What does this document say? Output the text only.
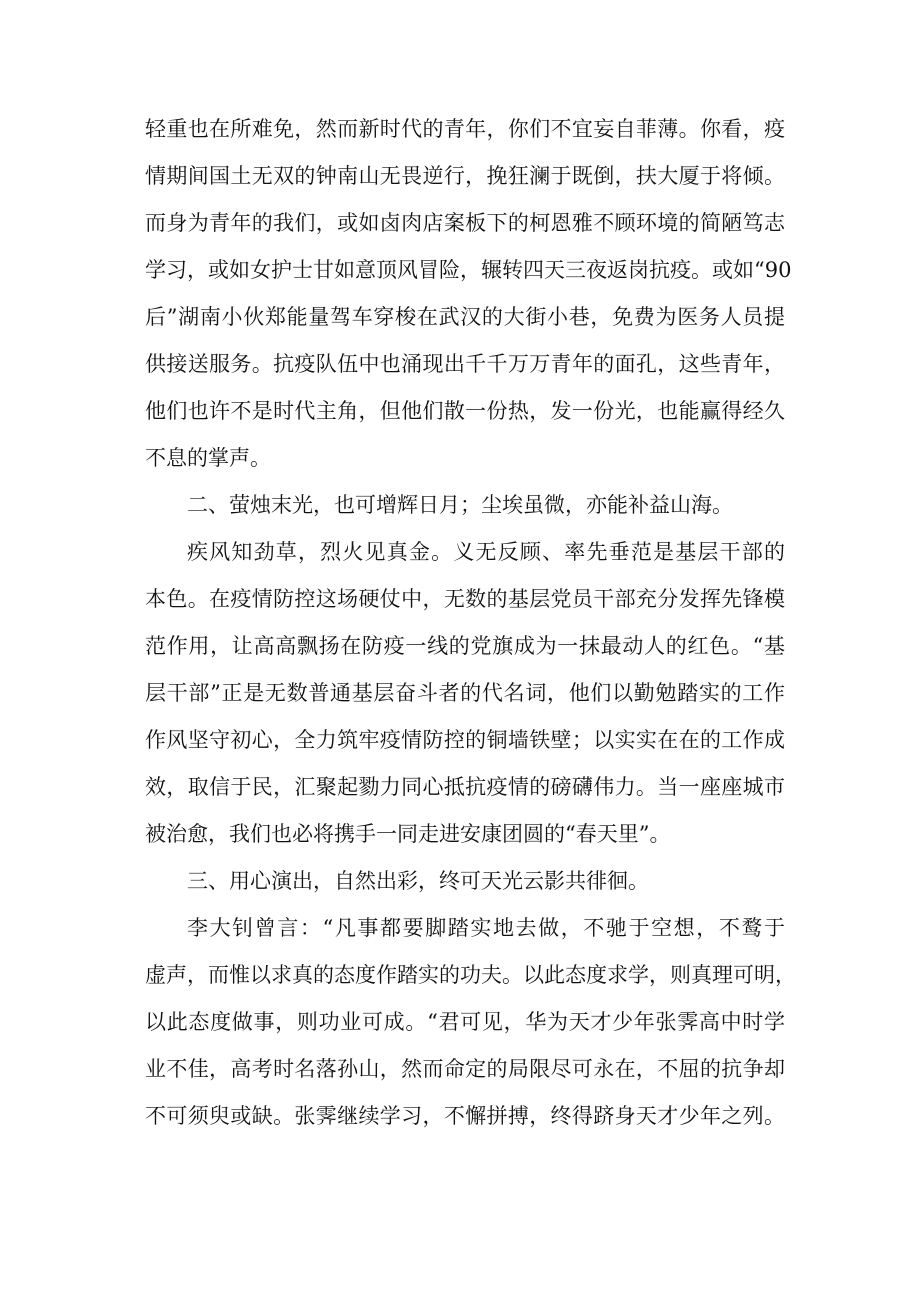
轻重也在所难免，然而新时代的青年，你们不宜妄自菲薄。你看，疫
情期间国土无双的钟南山无畏逆行，挽狂澜于既倒，扶大厦于将倾。
而身为青年的我们，或如卤肉店案板下的柯恩雅不顾环境的简陋笃志
学习，或如女护士甘如意顶风冒险，辗转四天三夜返岗抗疫。或如“90
后”湖南小伙郑能量驾车穿梭在武汉的大街小巷，免费为医务人员提
供接送服务。抗疫队伍中也涌现出千千万万青年的面孔，这些青年，
他们也许不是时代主角，但他们散一份热，发一份光，也能赢得经久
不息的掌声。
二、萤烛末光，也可增辉日月；尘埃虽微，亦能补益山海。
疾风知劲草，烈火见真金。义无反顾、率先垂范是基层干部的
本色。在疫情防控这场硬仗中，无数的基层党员干部充分发挥先锋模
范作用，让高高飘扬在防疫一线的党旗成为一抹最动人的红色。“基
层干部”正是无数普通基层奋斗者的代名词，他们以勤勉踏实的工作
作风坚守初心，全力筑牢疫情防控的铜墙铁壁；以实实在在的工作成
效，取信于民，汇聚起勠力同心抵抗疫情的磅礴伟力。当一座座城市
被治愈，我们也必将携手一同走进安康团圆的“春天里”。
三、用心演出，自然出彩，终可天光云影共徘徊。
李大钊曾言：“凡事都要脚踏实地去做，不驰于空想，不鹜于
虚声，而惟以求真的态度作踏实的功夫。以此态度求学，则真理可明，
以此态度做事，则功业可成。“君可见，华为天才少年张霁高中时学
业不佳，高考时名落孙山，然而命定的局限尽可永在，不屈的抗争却
不可须臾或缺。张霁继续学习，不懈拼搏，终得跻身天才少年之列。
